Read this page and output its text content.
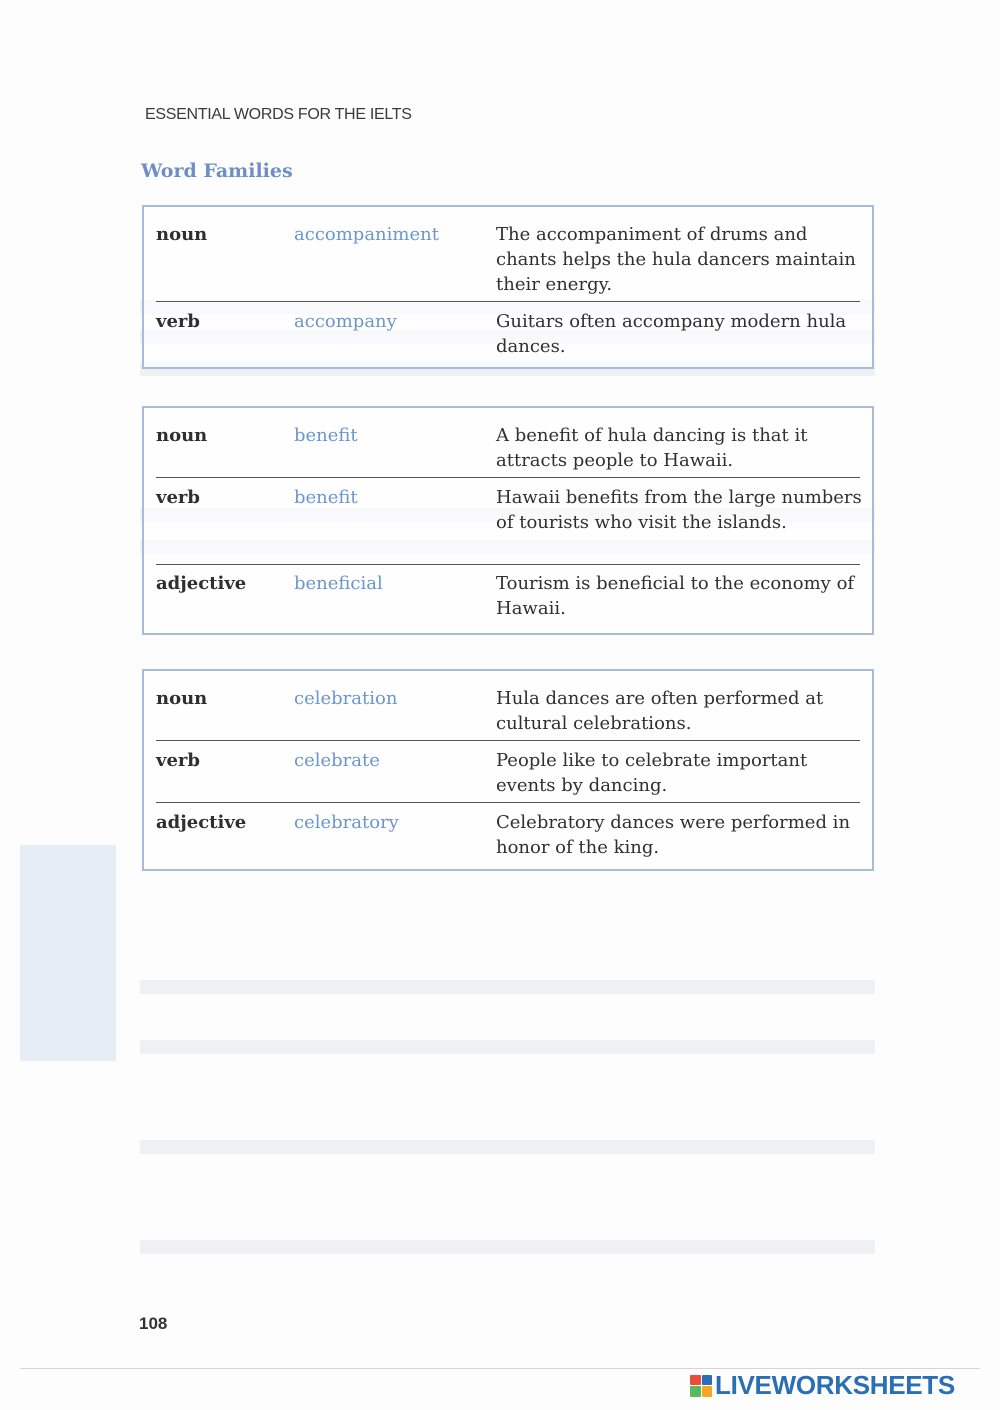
ESSENTIAL WORDS FOR THE IELTS
Word Families
noun	accompaniment	The accompaniment of drums and chants helps the hula dancers maintain their energy.
verb	accompany	Guitars often accompany modern hula dances.
noun	benefit	A benefit of hula dancing is that it attracts people to Hawaii.
verb	benefit	Hawaii benefits from the large numbers of tourists who visit the islands.
adjective	beneficial	Tourism is beneficial to the economy of Hawaii.
noun	celebration	Hula dances are often performed at cultural celebrations.
verb	celebrate	People like to celebrate important events by dancing.
adjective	celebratory	Celebratory dances were performed in honor of the king.
108
LIVEWORKSHEETS
